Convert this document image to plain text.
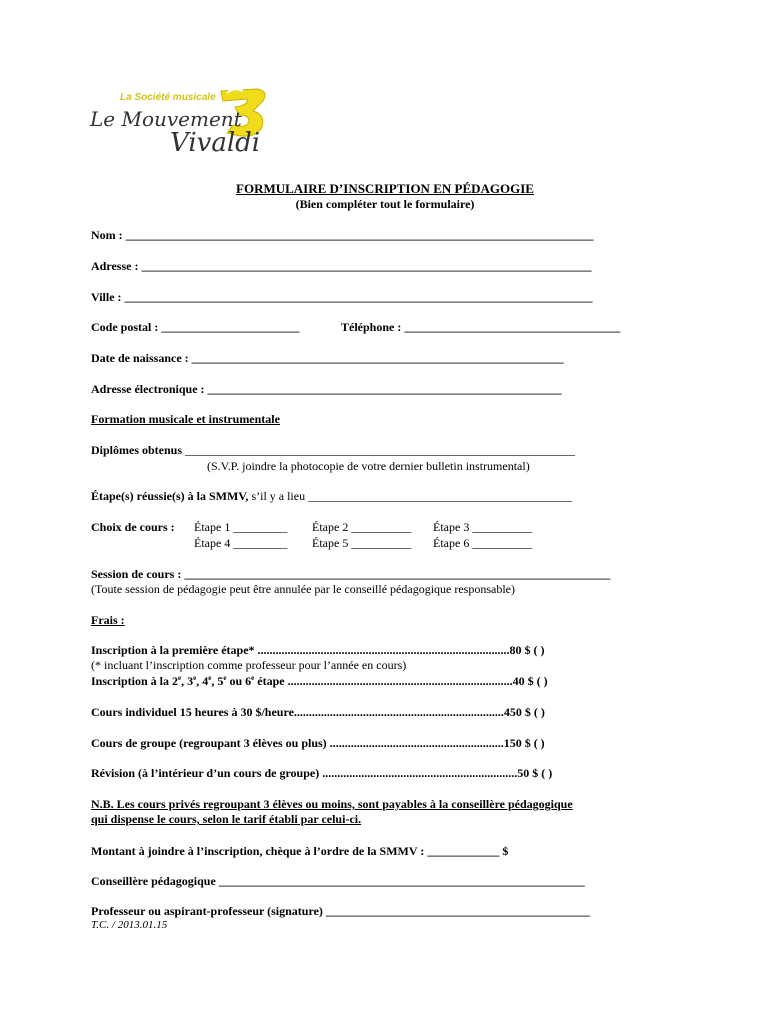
La Société musicale
Le Mouvement
Vivaldi
FORMULAIRE D’INSCRIPTION EN PÉDAGOGIE
(Bien compléter tout le formulaire)
Nom : ______________________________________________________________________________
Adresse : ___________________________________________________________________________
Ville : ______________________________________________________________________________
Code postal : _______________________	Téléphone : ____________________________________
Date de naissance : ______________________________________________________________
Adresse électronique : ___________________________________________________________
Formation musicale et instrumentale
Diplômes obtenus _________________________________________________________________
(S.V.P. joindre la photocopie de votre dernier bulletin instrumental)
Étape(s) réussie(s) à la SMMV, s’il y a lieu ____________________________________________
Choix de cours : Étape 1 _________ Étape 2 __________ Étape 3 __________
Étape 4 _________ Étape 5 __________ Étape 6 __________
Session de cours : _______________________________________________________________________
(Toute session de pédagogie peut être annulée par le conseillé pédagogique responsable)
Frais :
Inscription à la première étape* ....................................................................................80 $ ( )
(* incluant l’inscription comme professeur pour l’année en cours)
Inscription à la 2e, 3e, 4e, 5e ou 6e étape ...........................................................................40 $ ( )
Cours individuel 15 heures à 30 $/heure......................................................................450 $ ( )
Cours de groupe (regroupant 3 élèves ou plus) ..........................................................150 $ ( )
Révision (à l’intérieur d’un cours de groupe) .................................................................50 $ ( )
N.B. Les cours privés regroupant 3 élèves ou moins, sont payables à la conseillère pédagogique
qui dispense le cours, selon le tarif établi par celui-ci.
Montant à joindre à l’inscription, chèque à l’ordre de la SMMV : ____________ $
Conseillère pédagogique _____________________________________________________________
Professeur ou aspirant-professeur (signature) ____________________________________________
T.C. / 2013.01.15
